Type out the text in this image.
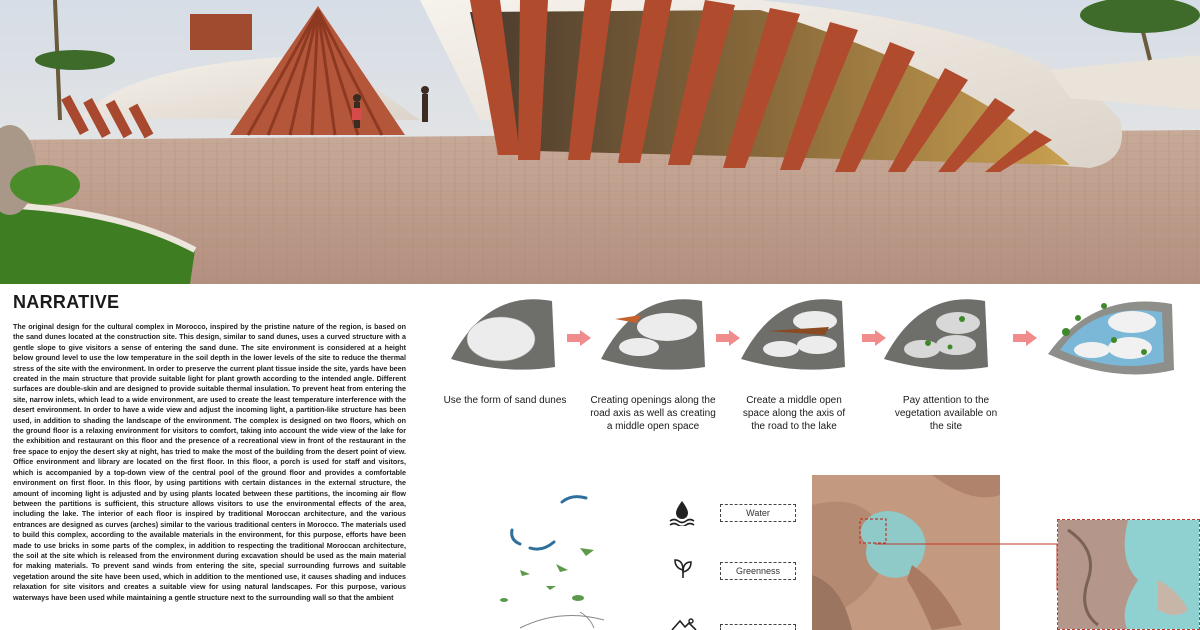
NARRATIVE

The original design for the cultural complex in Morocco, inspired by the pristine nature of the region, is based on the sand dunes located at the construction site. This design, similar to sand dunes, uses a curved structure with a gentle slope to give visitors a sense of entering the sand dune. The site environment is considered at a height below ground level to use the low temperature in the soil depth in the lower levels of the site to reduce the thermal stress of the site with the environment. In order to preserve the current plant tissue inside the site, yards have been created in the main structure that provide suitable light for plant growth according to the intended angle. Different surfaces are double-skin and are designed to provide suitable thermal insulation. To prevent heat from entering the site, narrow inlets, which lead to a wide environment, are used to create the least temperature interference with the desert environment. In order to have a wide view and adjust the incoming light, a partition-like structure has been used, in addition to shading the landscape of the environment. The complex is designed on two floors, which on the ground floor is a relaxing environment for visitors to comfort, taking into account the wide view of the lake for the exhibition and restaurant on this floor and the presence of a recreational view in front of the restaurant in the free space to enjoy the desert sky at night, has tried to make the most of the building from the desert point of view. Office environment and library are located on the first floor. In this floor, a porch is used for staff and visitors, which is accompanied by a top-down view of the central pool of the ground floor and provides a comfortable environment on first floor. In this floor, by using partitions with certain distances in the external structure, the amount of incoming light is adjusted and by using plants located between these partitions, the incoming air flow between the partitions is sufficient, this structure allows visitors to use the environmental effects of the area, including the lake. The interior of each floor is inspired by traditional Moroccan architecture, and the various entrances are designed as curves (arches) similar to the various traditional centers in Morocco. The materials used to build this complex, according to the available materials in the environment, for this purpose, efforts have been made to use bricks in some parts of the complex, in addition to respecting the traditional Moroccan architecture, the soil at the site which is released from the environment during excavation should be used as the main material for making materials. To prevent sand winds from entering the site, special surrounding furrows and suitable vegetation around the site have been used, which in addition to the mentioned use, it causes shading and induces relaxation for site visitors and creates a suitable view for using natural landscapes. For this purpose, various waterways have been used while maintaining a gentle structure next to the surrounding wall so that the ambient

Use the form of sand dunes	Creating openings along the road axis as well as creating a middle open space
Create a middle open space along the axis of the road to the lake
Pay attention to the vegetation available on the site
Water
Greenness
